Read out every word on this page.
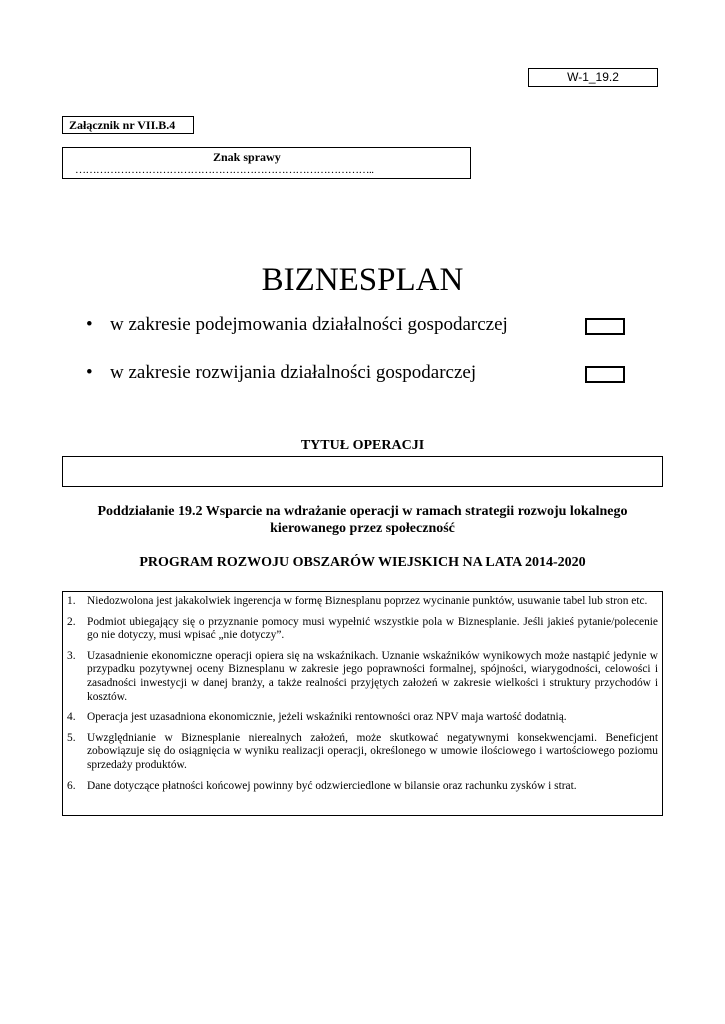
W-1_19.2
Załącznik nr VII.B.4
Znak sprawy
…………………………………………………………………………..
BIZNESPLAN
• w zakresie podejmowania działalności gospodarczej
• w zakresie rozwijania działalności gospodarczej
TYTUŁ OPERACJI
Poddziałanie 19.2 Wsparcie na wdrażanie operacji w ramach strategii rozwoju lokalnego
kierowanego przez społeczność
PROGRAM ROZWOJU OBSZARÓW WIEJSKICH NA LATA 2014-2020
1.	Niedozwolona jest jakakolwiek ingerencja w formę Biznesplanu poprzez wycinanie punktów, usuwanie tabel lub stron etc.
2.	Podmiot ubiegający się o przyznanie pomocy musi wypełnić wszystkie pola w Biznesplanie. Jeśli jakieś pytanie/polecenie go nie dotyczy, musi wpisać „nie dotyczy”.
3.	Uzasadnienie ekonomiczne operacji opiera się na wskaźnikach. Uznanie wskaźników wynikowych może nastąpić jedynie w przypadku pozytywnej oceny Biznesplanu w zakresie jego poprawności formalnej, spójności, wiarygodności, celowości i zasadności inwestycji w danej branży, a także realności przyjętych założeń w zakresie wielkości i struktury przychodów i kosztów.
4.	Operacja jest uzasadniona ekonomicznie, jeżeli wskaźniki rentowności oraz NPV maja wartość dodatnią.
5.	Uwzględnianie w Biznesplanie nierealnych założeń, może skutkować negatywnymi konsekwencjami. Beneficjent zobowiązuje się do osiągnięcia w wyniku realizacji operacji, określonego w umowie ilościowego i wartościowego poziomu sprzedaży produktów.
6.	Dane dotyczące płatności końcowej powinny być odzwierciedlone w bilansie oraz rachunku zysków i strat.
